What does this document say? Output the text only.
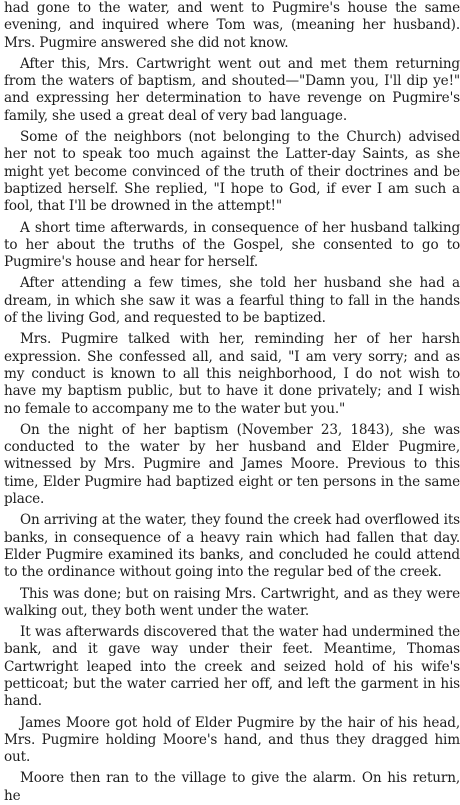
had gone to the water, and went to Pugmire's house the same evening, and inquired where Tom was, (meaning her husband). Mrs. Pugmire answered she did not know.

After this, Mrs. Cartwright went out and met them returning from the waters of baptism, and shouted—"Damn you, I'll dip ye!" and expressing her determination to have revenge on Pugmire's family, she used a great deal of very bad language.

Some of the neighbors (not belonging to the Church) advised her not to speak too much against the Latter-day Saints, as she might yet become convinced of the truth of their doctrines and be baptized herself. She replied, "I hope to God, if ever I am such a fool, that I'll be drowned in the attempt!"

A short time afterwards, in consequence of her husband talking to her about the truths of the Gospel, she consented to go to Pugmire's house and hear for herself.

After attending a few times, she told her husband she had a dream, in which she saw it was a fearful thing to fall in the hands of the living God, and requested to be baptized.

Mrs. Pugmire talked with her, reminding her of her harsh expression. She confessed all, and said, "I am very sorry; and as my conduct is known to all this neighborhood, I do not wish to have my baptism public, but to have it done privately; and I wish no female to accompany me to the water but you."

On the night of her baptism (November 23, 1843), she was conducted to the water by her husband and Elder Pugmire, witnessed by Mrs. Pugmire and James Moore. Previous to this time, Elder Pugmire had baptized eight or ten persons in the same place.

On arriving at the water, they found the creek had overflowed its banks, in consequence of a heavy rain which had fallen that day. Elder Pugmire examined its banks, and concluded he could attend to the ordinance without going into the regular bed of the creek.

This was done; but on raising Mrs. Cartwright, and as they were walking out, they both went under the water.

It was afterwards discovered that the water had undermined the bank, and it gave way under their feet. Meantime, Thomas Cartwright leaped into the creek and seized hold of his wife's petticoat; but the water carried her off, and left the garment in his hand.

James Moore got hold of Elder Pugmire by the hair of his head, Mrs. Pugmire holding Moore's hand, and thus they dragged him out.

Moore then ran to the village to give the alarm. On his return, he
